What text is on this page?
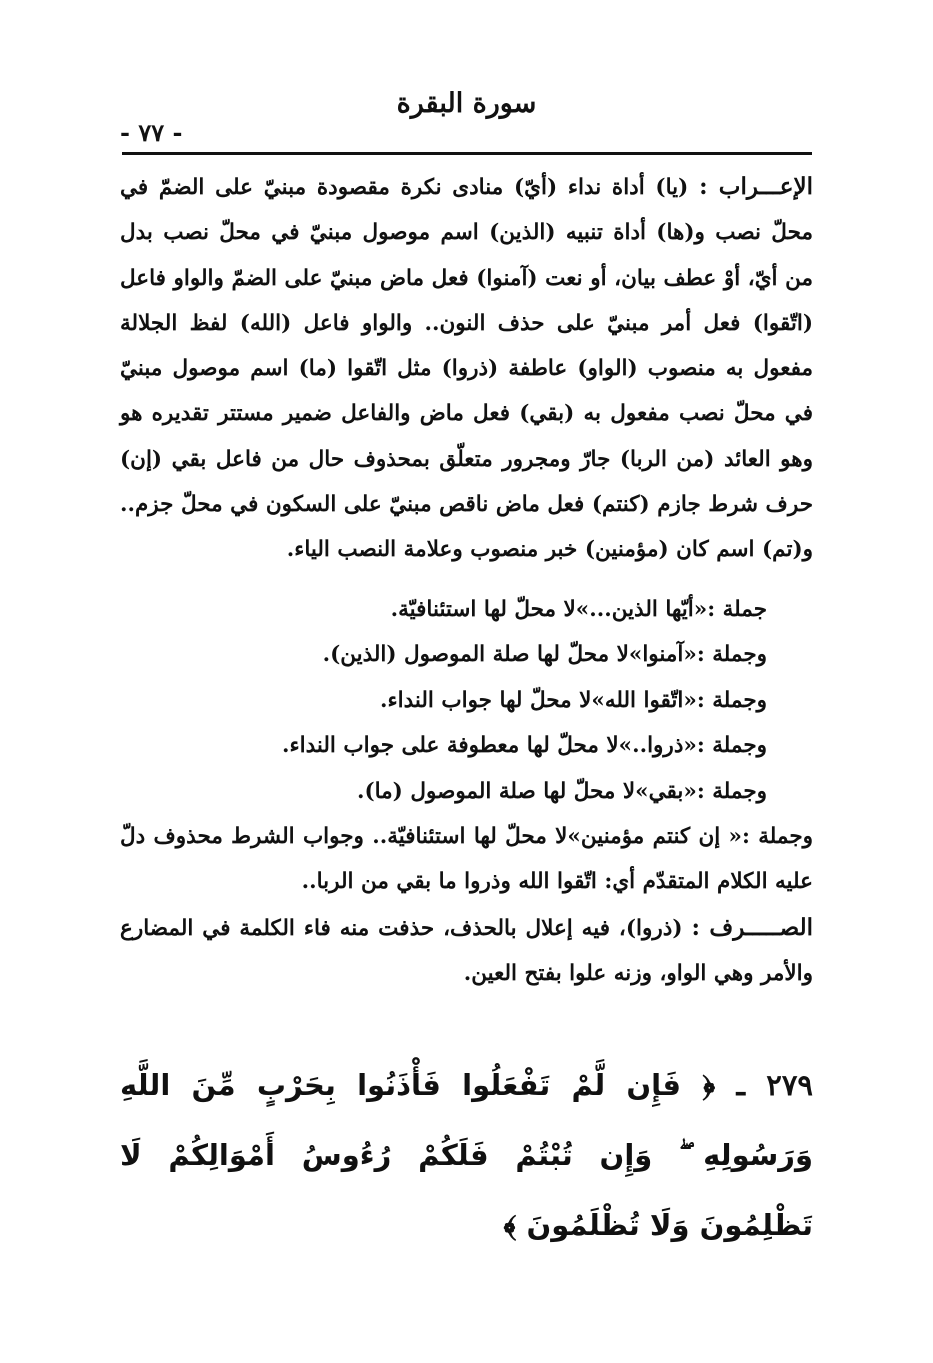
سورة البقرة
- ٧٧ -

الإعـــراب : (يا) أداة نداء (أيّ) منادى نكرة مقصودة مبنيّ على الضمّ في محلّ نصب و(ها) أداة تنبيه (الذين) اسم موصول مبنيّ في محلّ نصب بدل من أيّ، أوْ عطف بيان، أو نعت (آمنوا) فعل ماض مبنيّ على الضمّ والواو فاعل (اتّقوا) فعل أمر مبنيّ على حذف النون.. والواو فاعل (الله) لفظ الجلالة مفعول به منصوب (الواو) عاطفة (ذروا) مثل اتّقوا (ما) اسم موصول مبنيّ في محلّ نصب مفعول به (بقي) فعل ماض والفاعل ضمير مستتر تقديره هو وهو العائد (من الربا) جارّ ومجرور متعلّق بمحذوف حال من فاعل بقي (إن) حرف شرط جازم (كنتم) فعل ماض ناقص مبنيّ على السكون في محلّ جزم.. و(تم) اسم كان (مؤمنين) خبر منصوب وعلامة النصب الياء.

جملة :«أيّها الذين...»لا محلّ لها استئنافيّة.
وجملة :«آمنوا»لا محلّ لها صلة الموصول (الذين).
وجملة :«اتّقوا الله»لا محلّ لها جواب النداء.
وجملة :«ذروا..»لا محلّ لها معطوفة على جواب النداء.
وجملة :«بقي»لا محلّ لها صلة الموصول (ما).

وجملة :« إن كنتم مؤمنين»لا محلّ لها استئنافيّة.. وجواب الشرط محذوف دلّ عليه الكلام المتقدّم أي: اتّقوا الله وذروا ما بقي من الربا..

الصـــــرف : (ذروا)، فيه إعلال بالحذف، حذفت منه فاء الكلمة في المضارع والأمر وهي الواو، وزنه علوا بفتح العين.

٢٧٩ ـ ﴿ فَإِن لَّمْ تَفْعَلُوا فَأْذَنُوا بِحَرْبٍ مِّنَ اللَّهِ وَرَسُولِهِ ۖ وَإِن تُبْتُمْ فَلَكُمْ رُءُوسُ أَمْوَالِكُمْ لَا تَظْلِمُونَ وَلَا تُظْلَمُونَ ﴾
